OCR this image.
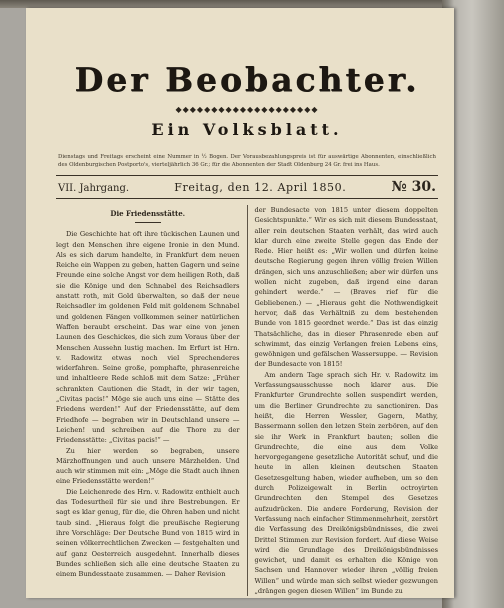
Der Beobachter.
◆◆◆◆◆◆◆◆◆◆◆◆◆◆◆◆◆◆◆◆
Ein Volksblatt.
Dienstags und Freitags erscheint eine Nummer in ½ Bogen. Der Vorausbezahlungspreis ist für auswärtige Abonnenten, einschließlich des Oldenburgischen Postporto's, vierteljährlich 36 Gr.; für die Abonnenten der Stadt Oldenburg 24 Gr. frei ins Haus.
VII. Jahrgang.	Freitag, den 12. April 1850.	№ 30.
Die Friedensstätte.

Die Geschichte hat oft ihre tückischen Launen und legt den Menschen ihre eigene Ironie in den Mund. Als es sich darum handelte, in Frankfurt dem neuen Reiche ein Wappen zu geben, hatten Gagern und seine Freunde eine solche Angst vor dem heiligen Roth, daß sie die Könige und den Schnabel des Reichsadlers anstatt roth, mit Gold überwalten, so daß der neue Reichsadler im goldenen Feld mit goldenem Schnabel und goldenen Fängen vollkommen seiner natürlichen Waffen beraubt erscheint. Das war eine von jenen Launen des Geschickes, die sich zum Voraus über der Menschen Aussehn lustig machen. Im Erfurt ist Hrn. v. Radowitz etwas noch viel Sprechenderes widerfahren. Seine große, pomphafte, phrasenreiche und inhaltleere Rede schloß mit dem Satze: „Früher schrankten Cautionen die Stadt, in der wir tagen, „Civitas pacis!“ Möge sie auch uns eine — Stätte des Friedens werden!“ Auf der Friedensstätte, auf dem Friedhofe — begraben wir in Deutschland unsere — Leichen! und schreiben auf die Thore zu der Friedensstätte: „Civitas pacis!“ —

Zu hier werden so begraben, unsere Märzhoffnungen und auch unsere Märzhelden. Und auch wir stimmen mit ein: „Möge die Stadt auch ihnen eine Friedensstätte werden!“

Die Leichenrede des Hrn. v. Radowitz enthielt auch das Todesurtheil für sie und ihre Bestrebungen. Er sagt es klar genug, für die, die Ohren haben und nicht taub sind. „Hieraus folgt die preußische Regierung ihre Vorschläge: Der Deutsche Bund von 1815 wird in seinen völkerrechtlichen Zwecken — festgehalten und auf ganz Oesterreich ausgedehnt. Innerhalb dieses Bundes schließen sich alle eine deutsche Staaten zu einem Bundesstaate zusammen. — Daher Revision

der Bundesacte von 1815 unter diesem doppelten Gesichtspunkte.“ Wir es sich mit diesem Bundesstaat, aller rein deutschen Staaten verhält, das wird auch klar durch eine zweite Stelle gegen das Ende der Rede. Hier heißt es: „Wir wollen und dürfen keine deutsche Regierung gegen ihren völlig freien Willen drängen, sich uns anzuschließen; aber wir dürfen uns wollen nicht zugeben, daß irgend eine daran gehindert werde.“ — (Braves rief für die Gebliebenen.) — „Hieraus geht die Nothwendigkeit hervor, daß das Verhältniß zu dem bestehenden Bunde von 1815 geordnet werde.“ Das ist das einzig Thatsächliche, das in dieser Phrasenrede eben auf schwimmt, das einzig Verlangen freien Lebens eins, gewöhnigen und gefälschen Wassersuppe. — Revision der Bundesacte von 1815!

Am andern Tage sprach sich Hr. v. Radowitz im Verfassungsausschusse noch klarer aus. Die Frankfurter Grundrechte sollen suspendirt werden, um die Berliner Grundrechte zu sanctioniren. Das heißt, die Herren Wessler, Gagern, Mathy, Bassermann sollen den letzen Stein zerbören, auf den sie ihr Werk in Frankfurt bauten; sollen die Grundrechte, die eine aus dem Volke hervorgegangene gesetzliche Autorität schuf, und die heute in allen kleinen deutschen Staaten Gesetzesgeltung haben, wieder aufheben, um so den durch Polizeigewalt in Berlin octroyirten Grundrechten den Stempel des Gesetzes aufzudrücken. Die andere Forderung, Revision der Verfassung nach einfacher Stimmenmehrheit, zerstört die Verfassung des Dreikönigsbündnisses, die zwei Drittel Stimmen zur Revision fordert. Auf diese Weise wird die Grundlage des Dreikönigsbündnisses gewichet, und damit es erhalten die Könige von Sachsen und Hannover wieder ihren „völlig freien Willen“ und würde man sich selbst wieder gezwungen „drängen gegen diesen Willen“ im Bunde zu
